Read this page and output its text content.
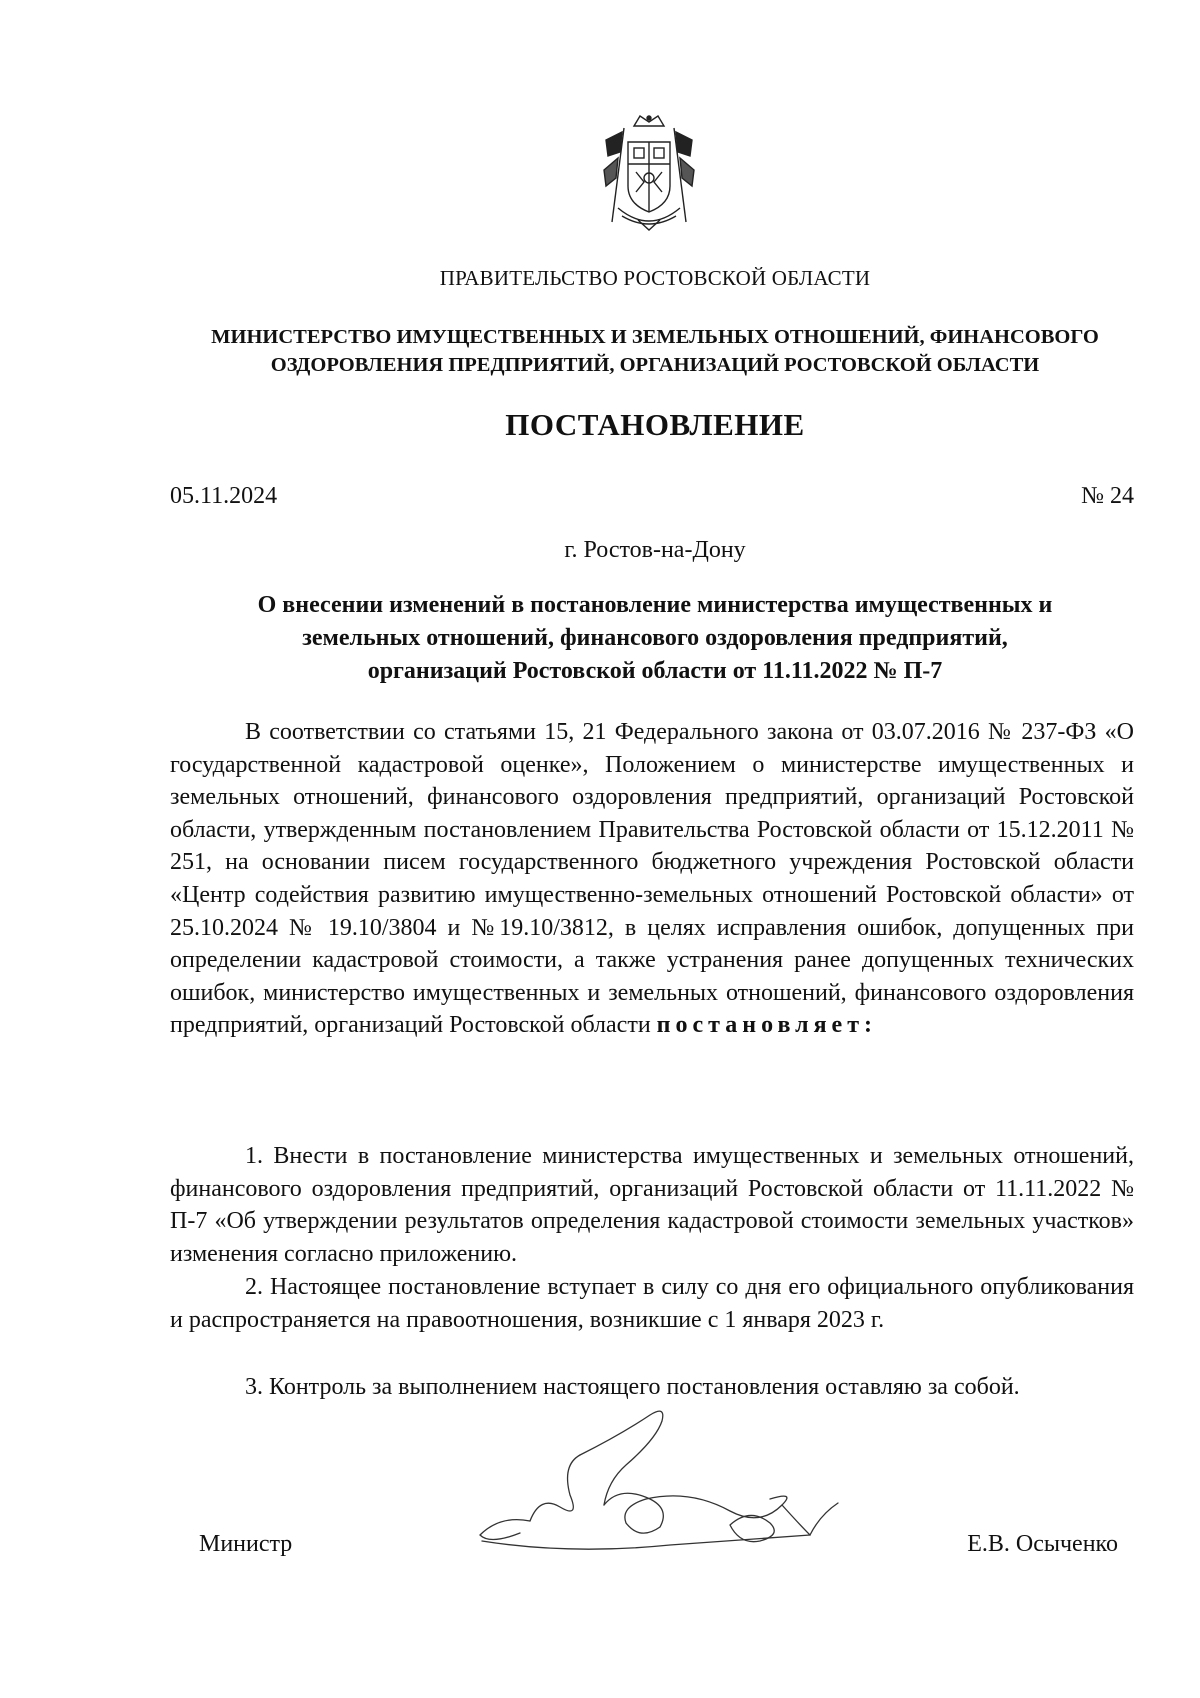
ПРАВИТЕЛЬСТВО РОСТОВСКОЙ ОБЛАСТИ
МИНИСТЕРСТВО ИМУЩЕСТВЕННЫХ И ЗЕМЕЛЬНЫХ ОТНОШЕНИЙ, ФИНАНСОВОГО
ОЗДОРОВЛЕНИЯ ПРЕДПРИЯТИЙ, ОРГАНИЗАЦИЙ РОСТОВСКОЙ ОБЛАСТИ
ПОСТАНОВЛЕНИЕ
05.11.2024	№ 24
г. Ростов-на-Дону
О внесении изменений в постановление министерства имущественных и
земельных отношений, финансового оздоровления предприятий,
организаций Ростовской области от 11.11.2022 № П-7

В соответствии со статьями 15, 21 Федерального закона от 03.07.2016 № 237-ФЗ «О государственной кадастровой оценке», Положением о министерстве имущественных и земельных отношений, финансового оздоровления предприятий, организаций Ростовской области, утвержденным постановлением Правительства Ростовской области от 15.12.2011 № 251, на основании писем государственного бюджетного учреждения Ростовской области «Центр содействия развитию имущественно-земельных отношений Ростовской области» от 25.10.2024 № 19.10/3804 и №19.10/3812, в целях исправления ошибок, допущенных при определении кадастровой стоимости, а также устранения ранее допущенных технических ошибок, министерство имущественных и земельных отношений, финансового оздоровления предприятий, организаций Ростовской области постановляет:

1. Внести в постановление министерства имущественных и земельных отношений, финансового оздоровления предприятий, организаций Ростовской области от 11.11.2022 № П-7 «Об утверждении результатов определения кадастровой стоимости земельных участков» изменения согласно приложению.

2. Настоящее постановление вступает в силу со дня его официального опубликования и распространяется на правоотношения, возникшие с 1 января 2023 г.

3. Контроль за выполнением настоящего постановления оставляю за собой.

Министр	Е.В. Осыченко
